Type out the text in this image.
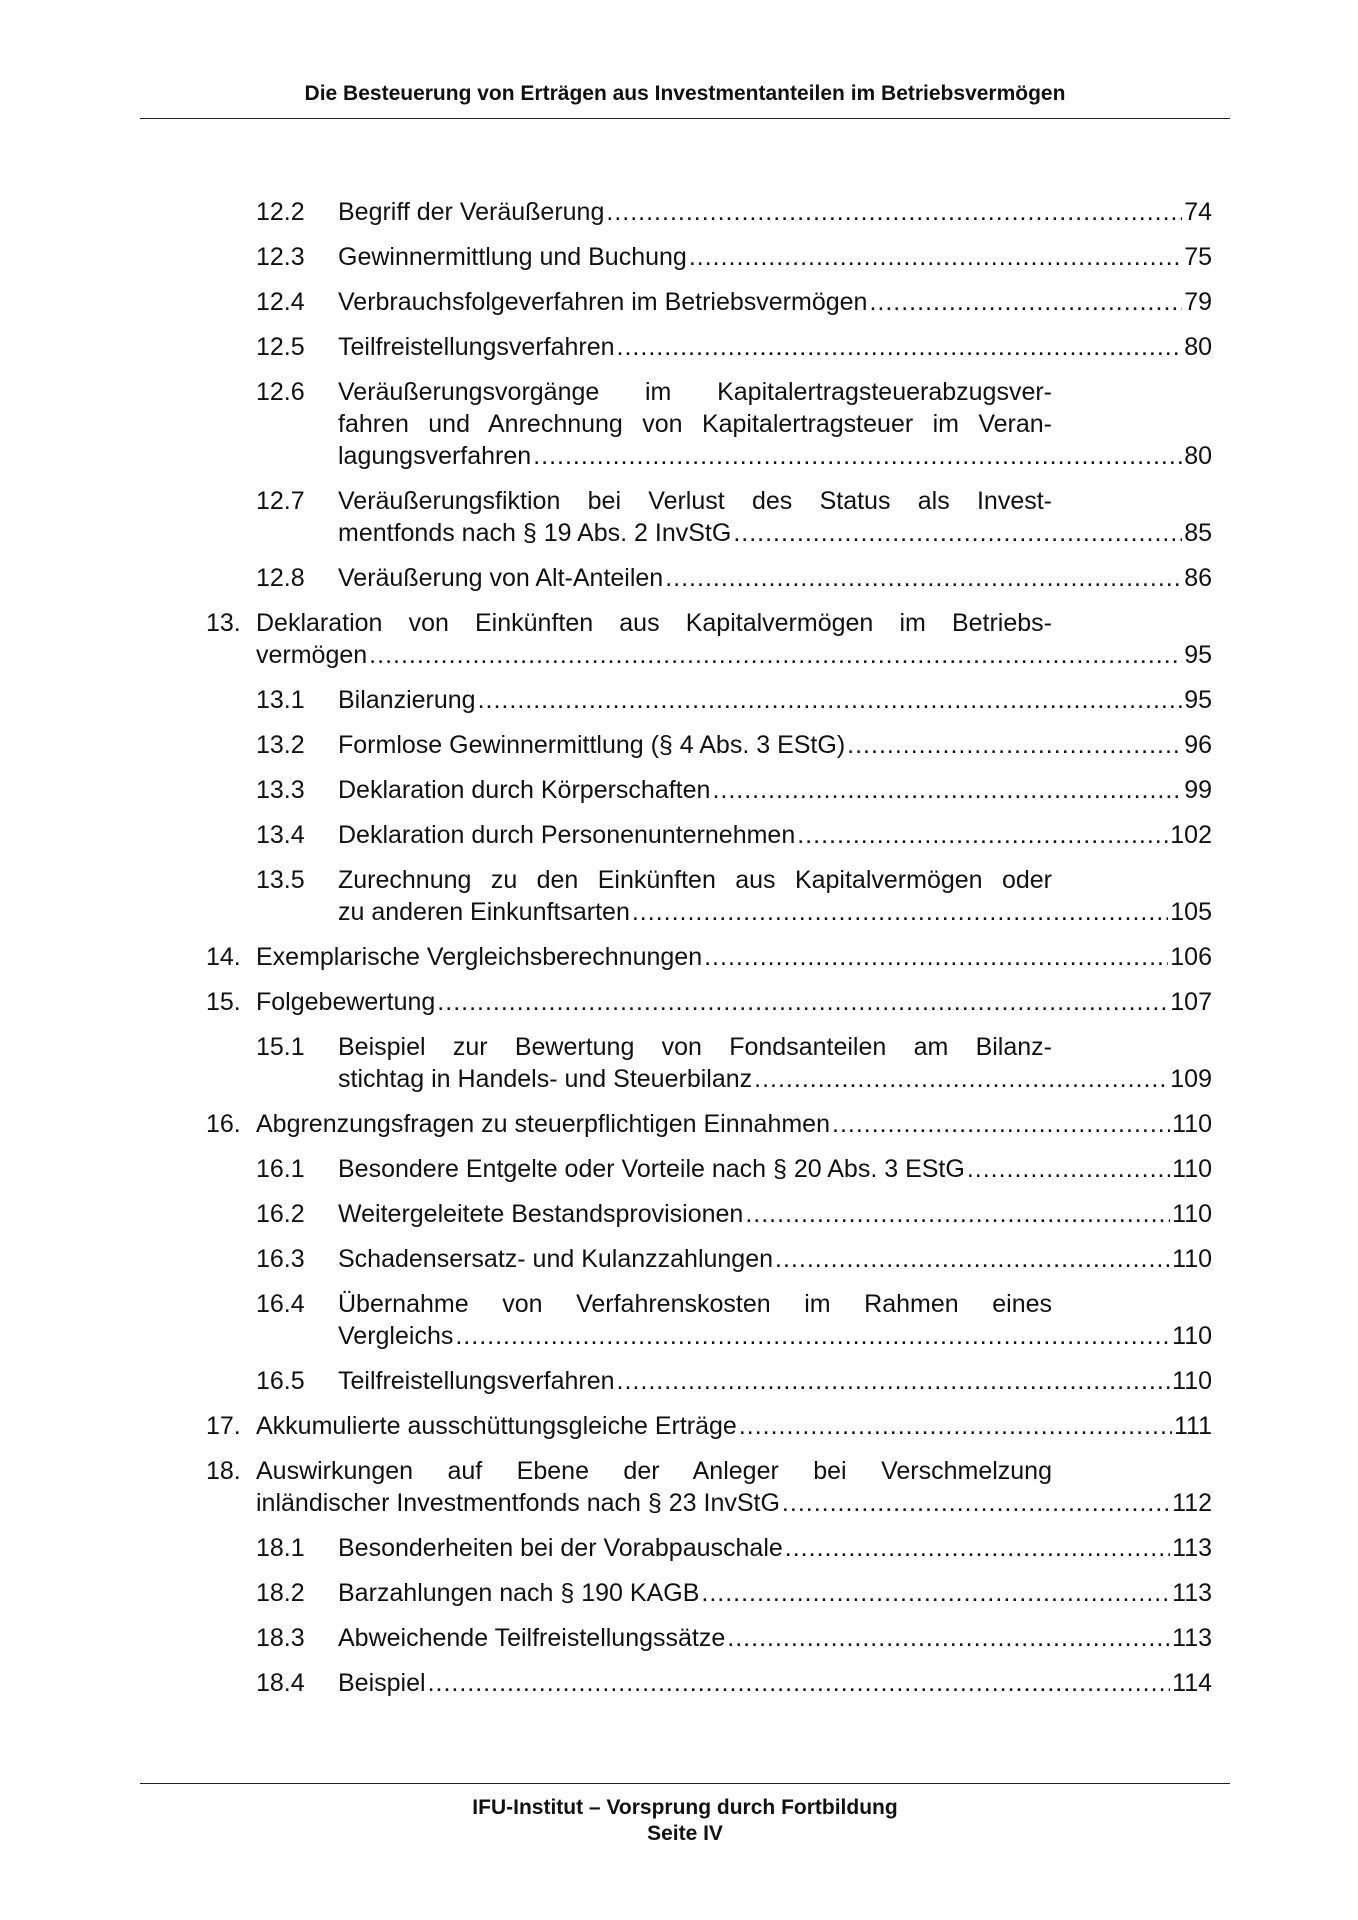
Die Besteuerung von Erträgen aus Investmentanteilen im Betriebsvermögen
12.2 Begriff der Veräußerung .....	74
12.3 Gewinnermittlung und Buchung .....	75
12.4 Verbrauchsfolgeverfahren im Betriebsvermögen .....	79
12.5 Teilfreistellungsverfahren .....	80
12.6 Veräußerungsvorgänge im Kapitalertragsteuerabzugsver-
fahren und Anrechnung von Kapitalertragsteuer im Veran-
lagungsverfahren .....	80
12.7 Veräußerungsfiktion bei Verlust des Status als Invest-
mentfonds nach § 19 Abs. 2 InvStG .....	85
12.8 Veräußerung von Alt-Anteilen .....	86
13. Deklaration von Einkünften aus Kapitalvermögen im Betriebs-
vermögen .....	95
13.1 Bilanzierung .....	95
13.2 Formlose Gewinnermittlung (§ 4 Abs. 3 EStG) .....	96
13.3 Deklaration durch Körperschaften .....	99
13.4 Deklaration durch Personenunternehmen .....	102
13.5 Zurechnung zu den Einkünften aus Kapitalvermögen oder
zu anderen Einkunftsarten .....	105
14. Exemplarische Vergleichsberechnungen .....	106
15. Folgebewertung .....	107
15.1 Beispiel zur Bewertung von Fondsanteilen am Bilanz-
stichtag in Handels- und Steuerbilanz .....	109
16. Abgrenzungsfragen zu steuerpflichtigen Einnahmen .....	110
16.1 Besondere Entgelte oder Vorteile nach § 20 Abs. 3 EStG .....	110
16.2 Weitergeleitete Bestandsprovisionen .....	110
16.3 Schadensersatz- und Kulanzzahlungen .....	110
16.4 Übernahme von Verfahrenskosten im Rahmen eines
Vergleichs .....	110
16.5 Teilfreistellungsverfahren .....	110
17. Akkumulierte ausschüttungsgleiche Erträge .....	111
18. Auswirkungen auf Ebene der Anleger bei Verschmelzung
inländischer Investmentfonds nach § 23 InvStG .....	112
18.1 Besonderheiten bei der Vorabpauschale .....	113
18.2 Barzahlungen nach § 190 KAGB .....	113
18.3 Abweichende Teilfreistellungssätze .....	113
18.4 Beispiel .....	114
IFU-Institut – Vorsprung durch Fortbildung
Seite IV
